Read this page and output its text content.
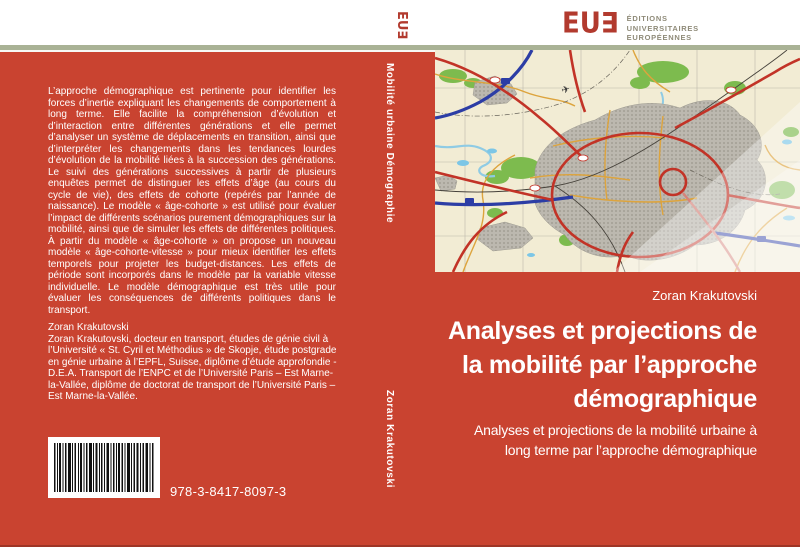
EU∃ ÉDITIONS
UNIVERSITAIRES
EUROPÉENNES
EU∃
Mobilité urbaine Démographie
Zoran Krakutovski
L’approche démographique est pertinente pour identifier les forces d’inertie expliquant les changements de comportement à long terme. Elle facilite la compréhension d’évolution et d’interaction entre différentes générations et elle permet d’analyser un système de déplacements en transition, ainsi que d’interpréter les changements dans les tendances lourdes d’évolution de la mobilité liées à la succession des générations. Le suivi des générations successives à partir de plusieurs enquêtes permet de distinguer les effets d’âge (au cours du cycle de vie), des effets de cohorte (repérés par l’année de naissance). Le modèle « âge-cohorte » est utilisé pour évaluer l’impact de différents scénarios purement démographiques sur la mobilité, ainsi que de simuler les effets de différentes politiques. À partir du modèle « âge-cohorte » on propose un nouveau modèle « âge-cohorte-vitesse » pour mieux identifier les effets temporels pour projeter les budget-distances. Les effets de période sont incorporés dans le modèle par la variable vitesse individuelle. Le modèle démographique est très utile pour évaluer les conséquences de différents politiques dans le transport.
Zoran Krakutovski
Zoran Krakutovski, docteur en transport, études de génie civil à l’Université « St. Cyril et Méthodius » de Skopje, étude postgrade en génie urbaine à l’EPFL, Suisse, diplôme d’étude approfondie - D.E.A. Transport de l’ENPC et de l’Université Paris – Est Marne-la-Vallée, diplôme de doctorat de transport de l’Université Paris – Est Marne-la-Vallée.
978-3-8417-8097-3
✈
Zoran Krakutovski
Analyses et projections de
la mobilité par l’approche
démographique
Analyses et projections de la mobilité urbaine à
long terme par l’approche démographique
